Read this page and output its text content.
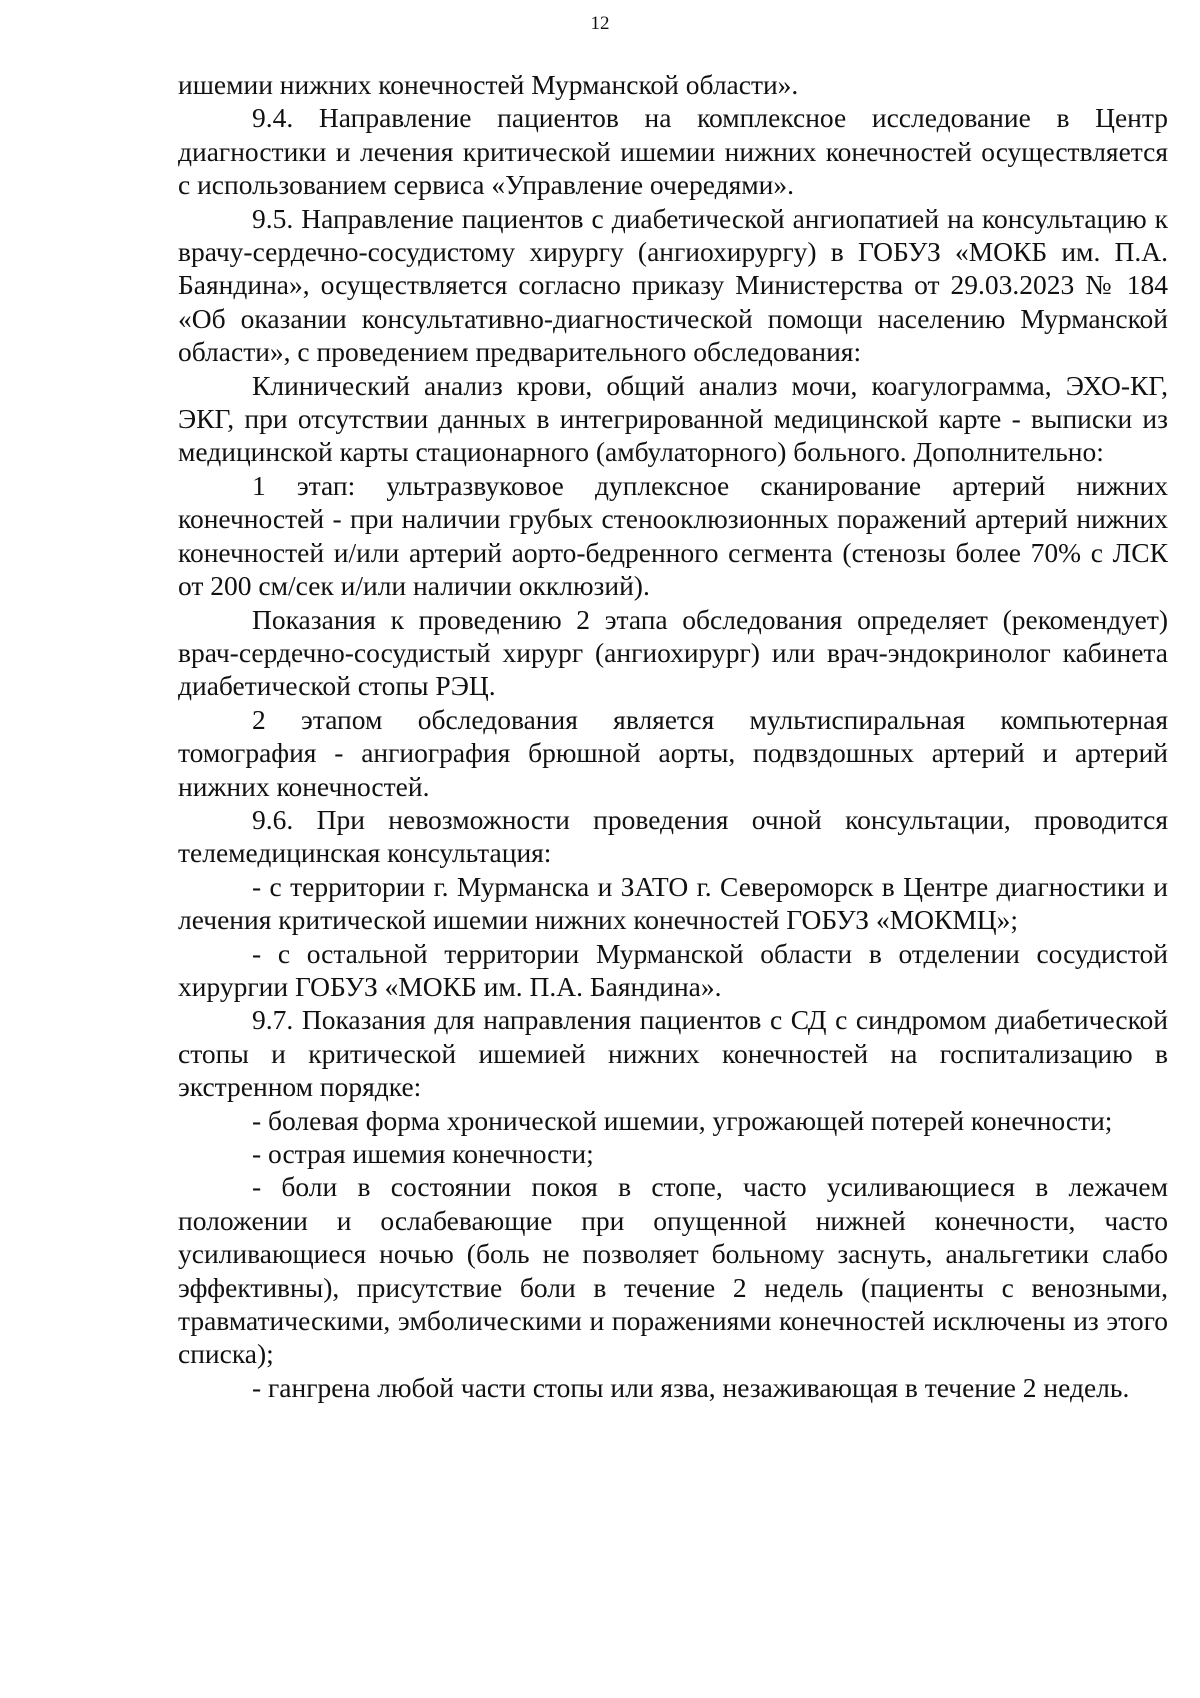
12

ишемии нижних конечностей Мурманской области».

9.4. Направление пациентов на комплексное исследование в Центр диагностики и лечения критической ишемии нижних конечностей осуществляется с использованием сервиса «Управление очередями».

9.5. Направление пациентов с диабетической ангиопатией на консультацию к врачу-сердечно-сосудистому хирургу (ангиохирургу) в ГОБУЗ «МОКБ им. П.А. Баяндина», осуществляется согласно приказу Министерства от 29.03.2023 № 184 «Об оказании консультативно-диагностической помощи населению Мурманской области», с проведением предварительного обследования:

Клинический анализ крови, общий анализ мочи, коагулограмма, ЭХО-КГ, ЭКГ, при отсутствии данных в интегрированной медицинской карте - выписки из медицинской карты стационарного (амбулаторного) больного. Дополнительно:

1 этап: ультразвуковое дуплексное сканирование артерий нижних конечностей - при наличии грубых стенооклюзионных поражений артерий нижних конечностей и/или артерий аорто-бедренного сегмента (стенозы более 70% с ЛСК от 200 см/сек и/или наличии окклюзий).

Показания к проведению 2 этапа обследования определяет (рекомендует) врач-сердечно-сосудистый хирург (ангиохирург) или врач-эндокринолог кабинета диабетической стопы РЭЦ.

2 этапом обследования является мультиспиральная компьютерная томография - ангиография брюшной аорты, подвздошных артерий и артерий нижних конечностей.

9.6. При невозможности проведения очной консультации, проводится телемедицинская консультация:

- с территории г. Мурманска и ЗАТО г. Североморск в Центре диагностики и лечения критической ишемии нижних конечностей ГОБУЗ «МОКМЦ»;

- с остальной территории Мурманской области в отделении сосудистой хирургии ГОБУЗ «МОКБ им. П.А. Баяндина».

9.7. Показания для направления пациентов с СД с синдромом диабетической стопы и критической ишемией нижних конечностей на госпитализацию в экстренном порядке:

- болевая форма хронической ишемии, угрожающей потерей конечности;

- острая ишемия конечности;

- боли в состоянии покоя в стопе, часто усиливающиеся в лежачем положении и ослабевающие при опущенной нижней конечности, часто усиливающиеся ночью (боль не позволяет больному заснуть, анальгетики слабо эффективны), присутствие боли в течение 2 недель (пациенты с венозными, травматическими, эмболическими и поражениями конечностей исключены из этого списка);

- гангрена любой части стопы или язва, незаживающая в течение 2 недель.
